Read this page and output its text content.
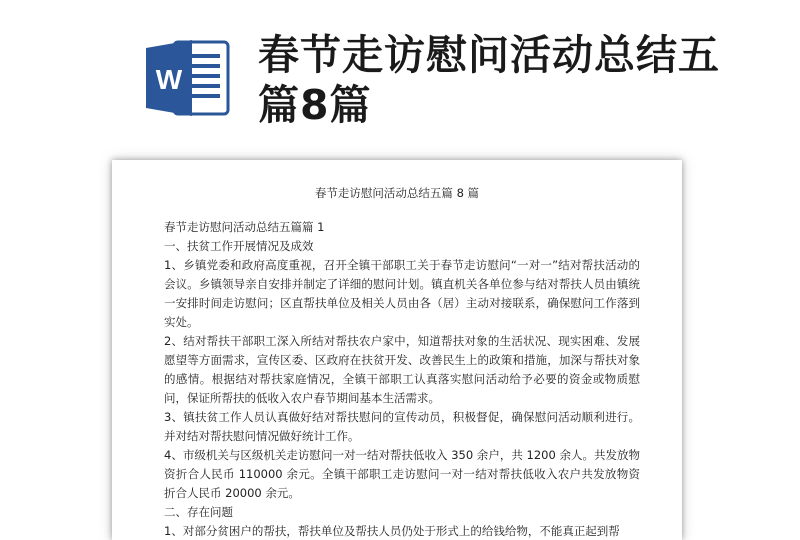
W
春节走访慰问活动总结五篇8篇
春节走访慰问活动总结五篇 8 篇

春节走访慰问活动总结五篇篇 1

一、扶贫工作开展情况及成效

1、乡镇党委和政府高度重视，召开全镇干部职工关于春节走访慰问“一对一”结对帮扶活动的会议。乡镇领导亲自安排并制定了详细的慰问计划。镇直机关各单位参与结对帮扶人员由镇统一安排时间走访慰问；区直帮扶单位及相关人员由各（居）主动对接联系，确保慰问工作落到实处。

2、结对帮扶干部职工深入所结对帮扶农户家中，知道帮扶对象的生活状况、现实困难、发展愿望等方面需求，宣传区委、区政府在扶贫开发、改善民生上的政策和措施，加深与帮扶对象的感情。根据结对帮扶家庭情况，全镇干部职工认真落实慰问活动给予必要的资金或物质慰问，保证所帮扶的低收入农户春节期间基本生活需求。

3、镇扶贫工作人员认真做好结对帮扶慰问的宣传动员，积极督促，确保慰问活动顺利进行。并对结对帮扶慰问情况做好统计工作。

4、市级机关与区级机关走访慰问一对一结对帮扶低收入 350 余户，共 1200 余人。共发放物资折合人民币 110000 余元。全镇干部职工走访慰问一对一结对帮扶低收入农户共发放物资折合人民币 20000 余元。

二、存在问题

1、对部分贫困户的帮扶，帮扶单位及帮扶人员仍处于形式上的给钱给物，不能真正起到帮
